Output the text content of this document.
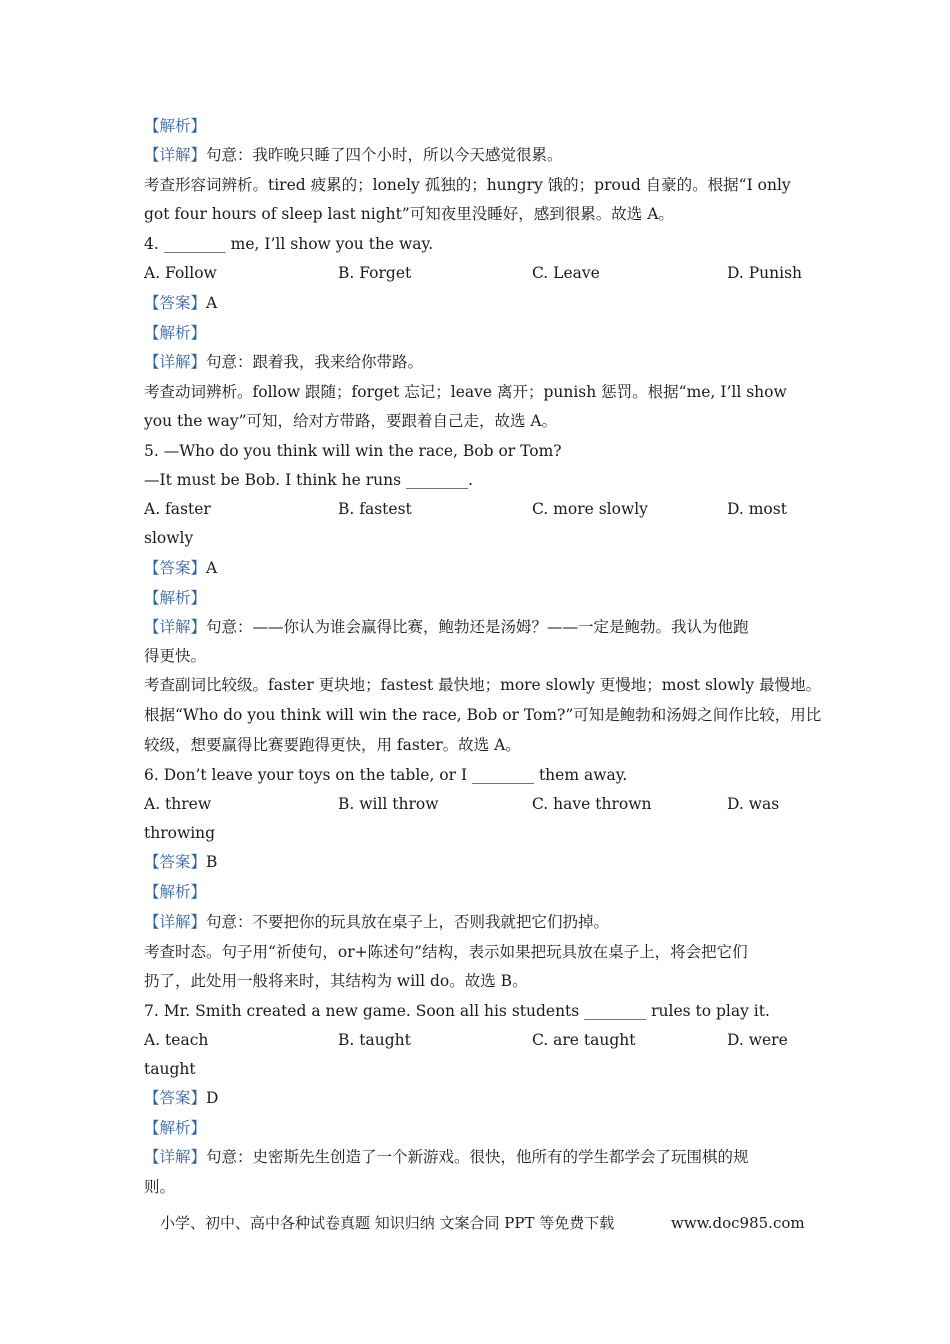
【解析】
【详解】句意：我昨晚只睡了四个小时，所以今天感觉很累。
考查形容词辨析。tired 疲累的；lonely 孤独的；hungry 饿的；proud 自豪的。根据“I only
got four hours of sleep last night”可知夜里没睡好，感到很累。故选 A。
4. ________ me, I’ll show you the way.
A. Follow	B. Forget	C. Leave	D. Punish
【答案】A
【解析】
【详解】句意：跟着我，我来给你带路。
考查动词辨析。follow 跟随；forget 忘记；leave 离开；punish 惩罚。根据“me, I’ll show
you the way”可知，给对方带路，要跟着自己走，故选 A。
5. —Who do you think will win the race, Bob or Tom?
—It must be Bob. I think he runs ________.
A. faster	B. fastest	C. more slowly	D. most
slowly
【答案】A
【解析】
【详解】句意：——你认为谁会赢得比赛，鲍勃还是汤姆？——一定是鲍勃。我认为他跑
得更快。
考查副词比较级。faster 更块地；fastest 最快地；more slowly 更慢地；most slowly 最慢地。
根据“Who do you think will win the race, Bob or Tom?”可知是鲍勃和汤姆之间作比较，用比
较级，想要赢得比赛要跑得更快，用 faster。故选 A。
6. Don’t leave your toys on the table, or I ________ them away.
A. threw	B. will throw	C. have thrown	D. was
throwing
【答案】B
【解析】
【详解】句意：不要把你的玩具放在桌子上，否则我就把它们扔掉。
考查时态。句子用“祈使句，or+陈述句”结构，表示如果把玩具放在桌子上，将会把它们
扔了，此处用一般将来时，其结构为 will do。故选 B。
7. Mr. Smith created a new game. Soon all his students ________ rules to play it.
A. teach	B. taught	C. are taught	D. were
taught
【答案】D
【解析】
【详解】句意：史密斯先生创造了一个新游戏。很快，他所有的学生都学会了玩围棋的规
则。
小学、初中、高中各种试卷真题 知识归纳 文案合同 PPT 等免费下载	www.doc985.com
